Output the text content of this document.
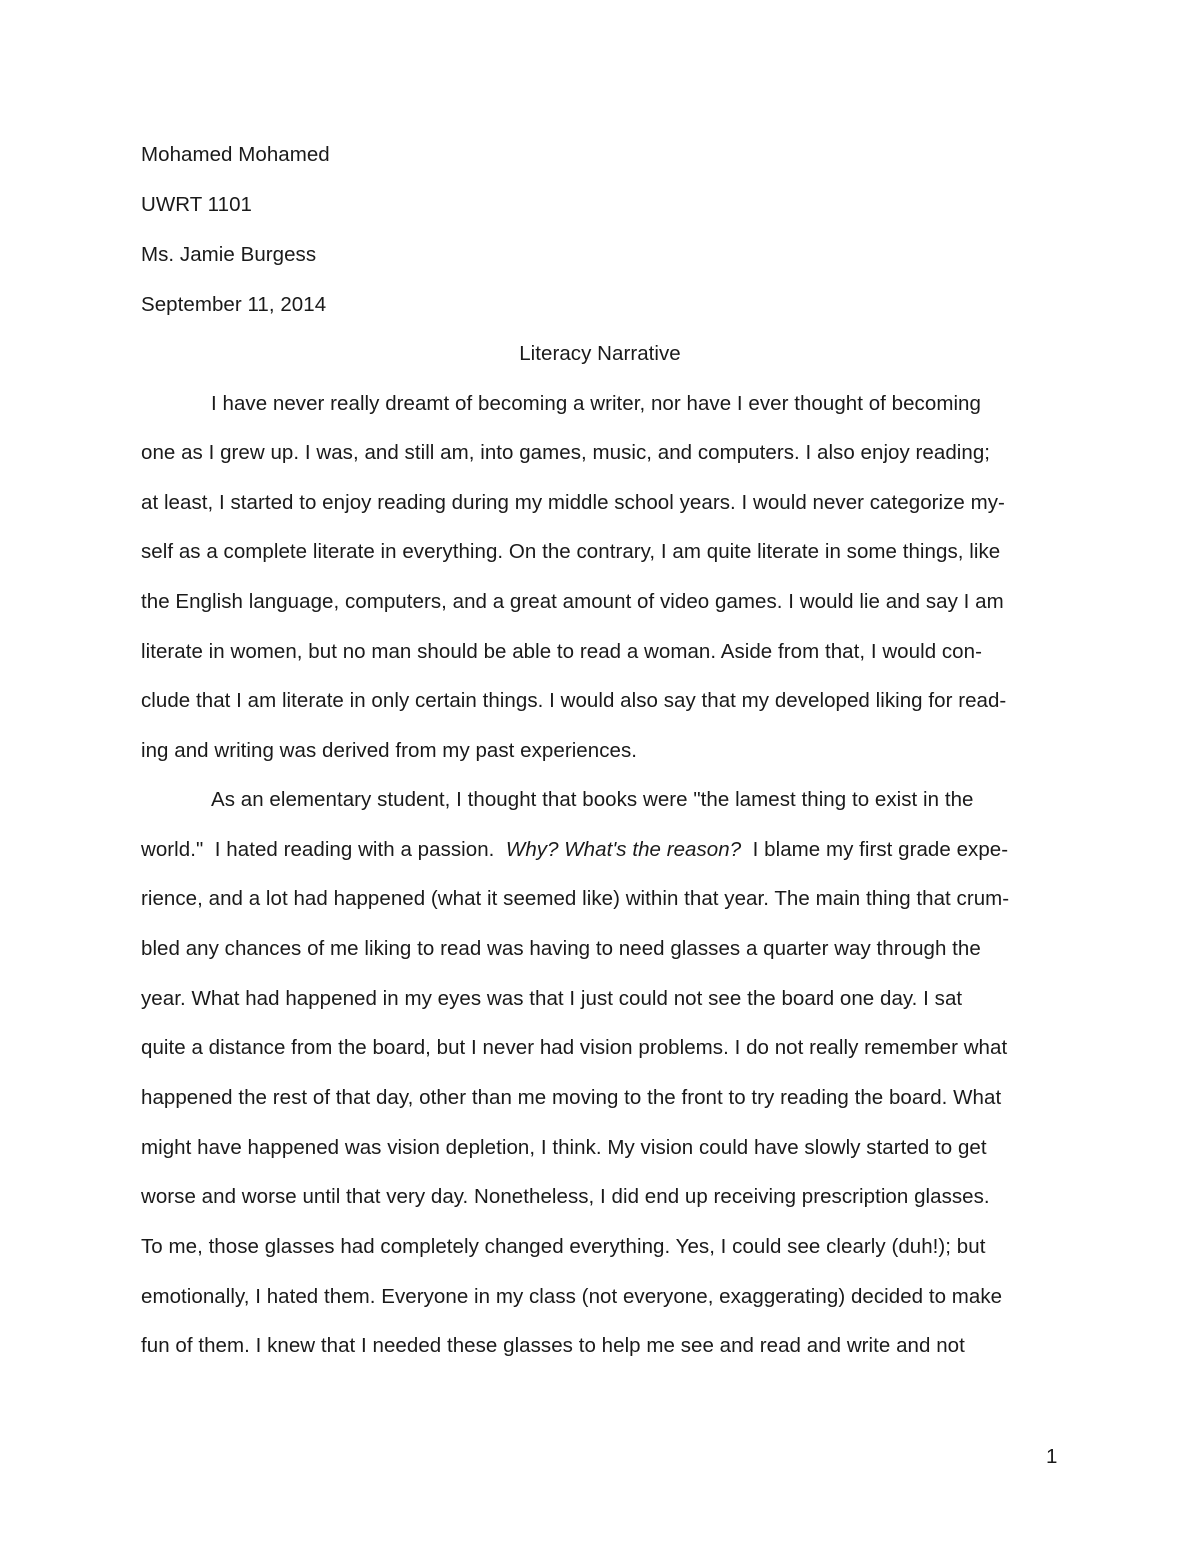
Mohamed Mohamed
UWRT 1101
Ms. Jamie Burgess
September 11, 2014
Literacy Narrative
I have never really dreamt of becoming a writer, nor have I ever thought of becoming
one as I grew up. I was, and still am, into games, music, and computers. I also enjoy reading;
at least, I started to enjoy reading during my middle school years. I would never categorize my-
self as a complete literate in everything. On the contrary, I am quite literate in some things, like
the English language, computers, and a great amount of video games. I would lie and say I am
literate in women, but no man should be able to read a woman. Aside from that, I would con-
clude that I am literate in only certain things. I would also say that my developed liking for read-
ing and writing was derived from my past experiences.
As an elementary student, I thought that books were "the lamest thing to exist in the
world."  I hated reading with a passion.  Why? What's the reason?  I blame my first grade expe-
rience, and a lot had happened (what it seemed like) within that year. The main thing that crum-
bled any chances of me liking to read was having to need glasses a quarter way through the
year. What had happened in my eyes was that I just could not see the board one day. I sat
quite a distance from the board, but I never had vision problems. I do not really remember what
happened the rest of that day, other than me moving to the front to try reading the board. What
might have happened was vision depletion, I think. My vision could have slowly started to get
worse and worse until that very day. Nonetheless, I did end up receiving prescription glasses.
To me, those glasses had completely changed everything. Yes, I could see clearly (duh!); but
emotionally, I hated them. Everyone in my class (not everyone, exaggerating) decided to make
fun of them. I knew that I needed these glasses to help me see and read and write and not
1
